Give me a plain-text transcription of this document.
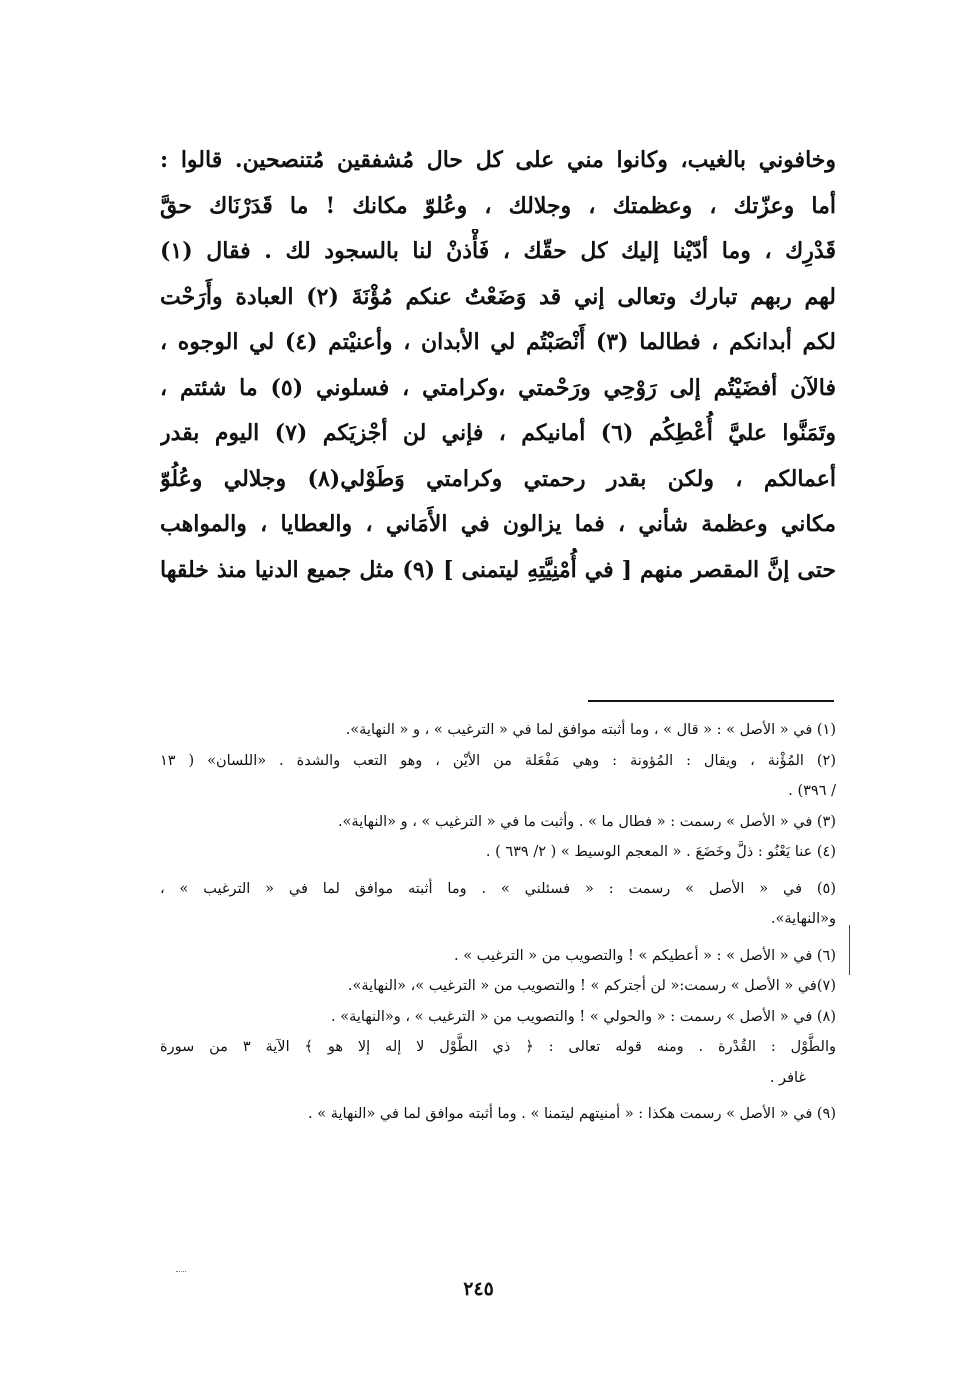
وخافوني بالغيب، وكانوا مني على كل حال مُشفقين مُتنصحين. قالوا :
أما وعزّتك ، وعظمتك ، وجلالك ، وعُلوّ مكانك ! ما قَدَرْنَاك حقَّ
قَدْرِك ، وما أدّيْنا إليك كل حقّك ، فَأْذنْ لنا بالسجود لك . فقال (١)
لهم ربهم تبارك وتعالى إني قد وَضَعْتُ عنكم مُؤْنَةَ (٢) العبادة وأَرَحْت
لكم أبدانكم ، فطالما (٣) أَنْصَبْتُم لي الأبدان ، وأعنيْتم (٤) لي الوجوه ،
فالآن أفضَيْتُم إلى رَوْحِي ورَحْمتي ،وكرامتي ، فسلوني (٥) ما شئتم ،
وتَمَنَّوا عليَّ أُعْطِكُم (٦) أمانيكم ، فإني لن أجْزيَكم (٧) اليوم بقدر
أعمالكم ، ولكن بقدر رحمتي وكرامتي وَطَوْلي(٨) وجلالي وعُلُوّ
مكاني وعظمة شأني ، فما يزالون في الأَمَاني ، والعطايا ، والمواهب
حتى إنَّ المقصر منهم [ في أُمْنِيَّتِهِ ليتمنى ] (٩) مثل جميع الدنيا منذ خلقها
(١) في « الأصل » : « قال » ، وما أثبته موافق لما في « الترغيب » ، و « النهاية».
(٢) المُؤْنة ، ويقال : المُؤونة : وهي مَفْعَلة من الأيْن ، وهو التعب والشدة . «اللسان» ( ١٣
/ ٣٩٦) .
(٣) في « الأصل » رسمت : « فطال ما » . وأثبت ما في « الترغيب » ، و «النهاية».
(٤) عنا يَعْنُو : ذلَّ وخَضَعَ . « المعجم الوسيط » ( ٢/ ٦٣٩ ) .
(٥) في « الأصل » رسمت : « فسئلني » . وما أثبته موافق لما في « الترغيب » ،
و«النهاية».
(٦) في « الأصل » : « أعطيكم » ! والتصويب من « الترغيب » .
(٧)في « الأصل » رسمت:« لن أجتركم » ! والتصويب من « الترغيب »، «النهاية».
(٨) في « الأصل » رسمت : « والحولي » ! والتصويب من « الترغيب » ، و«النهاية» .
والطَّوْل : القُدْرة . ومنه قوله تعالى : ﴿ ذي الطَّوْل لا إله إلا هو ﴾ الآية ٣ من سورة
غافر .
(٩) في « الأصل » رسمت هكذا : « أمنيتهم ليتمنا » . وما أثبته موافق لما في «النهاية » .
٢٤٥
